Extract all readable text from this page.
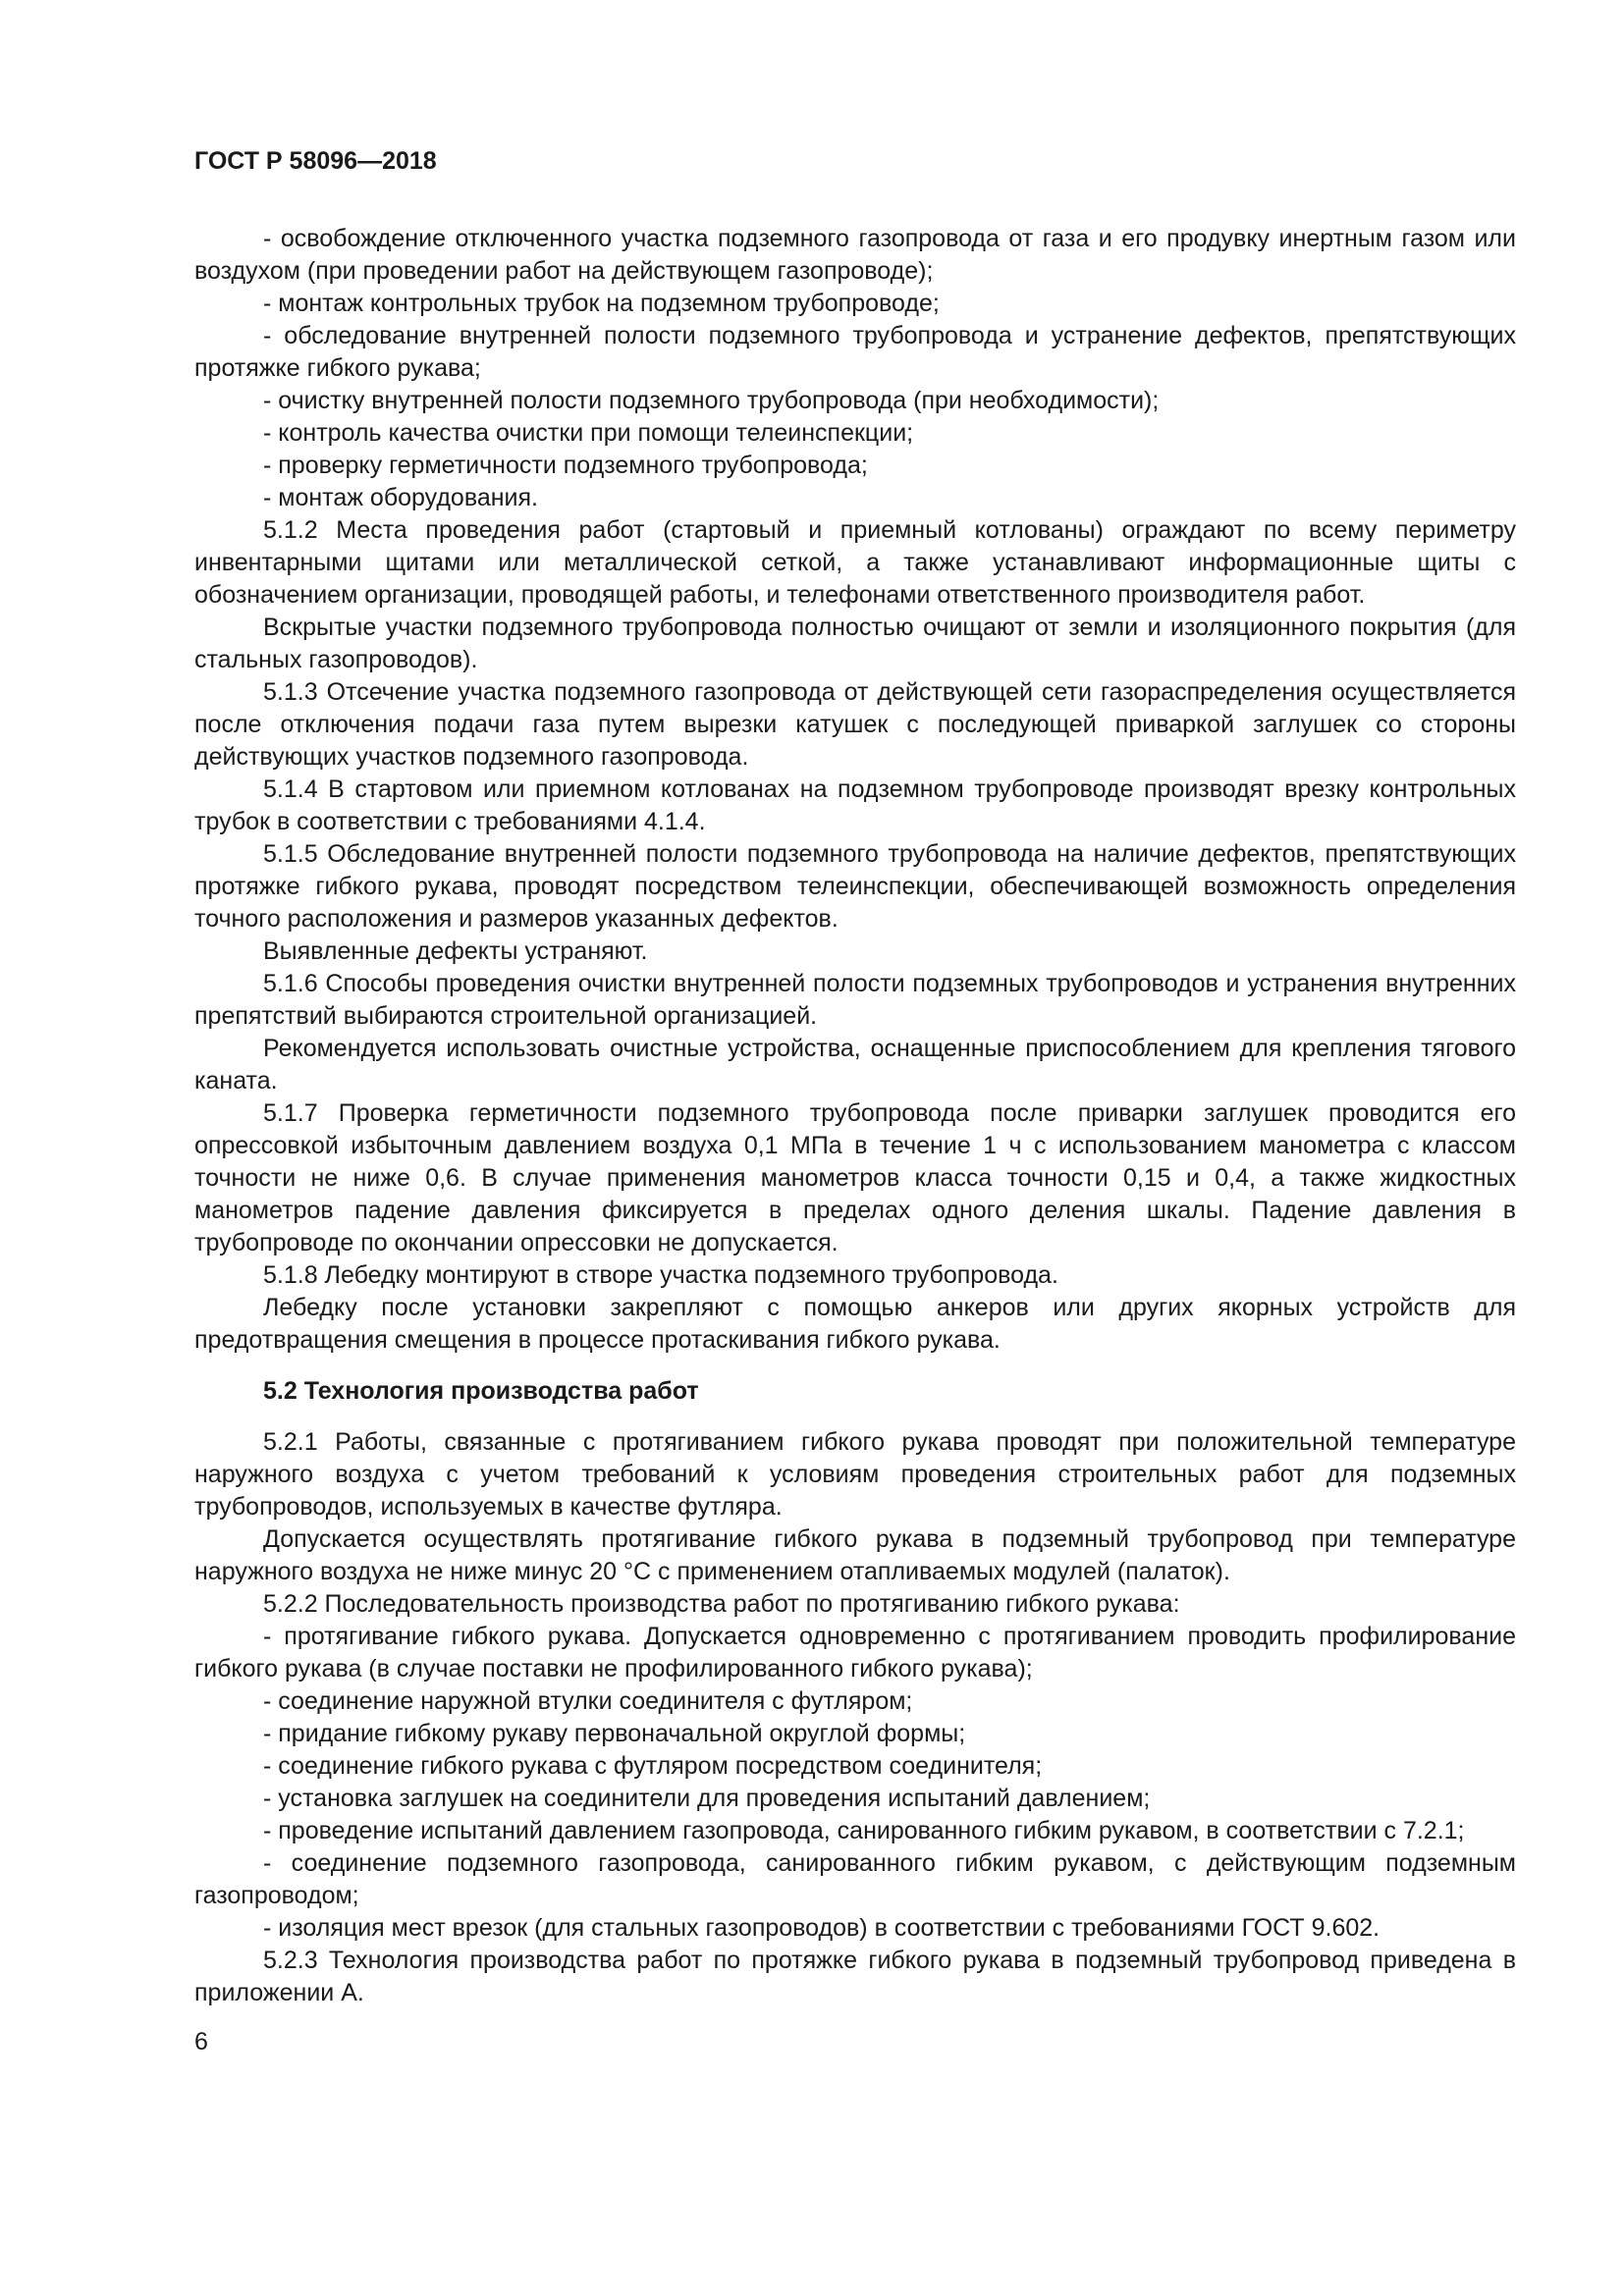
ГОСТ Р 58096—2018

- освобождение отключенного участка подземного газопровода от газа и его продувку инертным газом или воздухом (при проведении работ на действующем газопроводе);

- монтаж контрольных трубок на подземном трубопроводе;

- обследование внутренней полости подземного трубопровода и устранение дефектов, препятствующих протяжке гибкого рукава;

- очистку внутренней полости подземного трубопровода (при необходимости);

- контроль качества очистки при помощи телеинспекции;

- проверку герметичности подземного трубопровода;

- монтаж оборудования.

5.1.2 Места проведения работ (стартовый и приемный котлованы) ограждают по всему периметру инвентарными щитами или металлической сеткой, а также устанавливают информационные щиты с обозначением организации, проводящей работы, и телефонами ответственного производителя работ.

Вскрытые участки подземного трубопровода полностью очищают от земли и изоляционного покрытия (для стальных газопроводов).

5.1.3 Отсечение участка подземного газопровода от действующей сети газораспределения осуществляется после отключения подачи газа путем вырезки катушек с последующей приваркой заглушек со стороны действующих участков подземного газопровода.

5.1.4 В стартовом или приемном котлованах на подземном трубопроводе производят врезку контрольных трубок в соответствии с требованиями 4.1.4.

5.1.5 Обследование внутренней полости подземного трубопровода на наличие дефектов, препятствующих протяжке гибкого рукава, проводят посредством телеинспекции, обеспечивающей возможность определения точного расположения и размеров указанных дефектов.

Выявленные дефекты устраняют.

5.1.6 Способы проведения очистки внутренней полости подземных трубопроводов и устранения внутренних препятствий выбираются строительной организацией.

Рекомендуется использовать очистные устройства, оснащенные приспособлением для крепления тягового каната.

5.1.7 Проверка герметичности подземного трубопровода после приварки заглушек проводится его опрессовкой избыточным давлением воздуха 0,1 МПа в течение 1 ч с использованием манометра с классом точности не ниже 0,6. В случае применения манометров класса точности 0,15 и 0,4, а также жидкостных манометров падение давления фиксируется в пределах одного деления шкалы. Падение давления в трубопроводе по окончании опрессовки не допускается.

5.1.8 Лебедку монтируют в створе участка подземного трубопровода.

Лебедку после установки закрепляют с помощью анкеров или других якорных устройств для предотвращения смещения в процессе протаскивания гибкого рукава.

5.2 Технология производства работ

5.2.1 Работы, связанные с протягиванием гибкого рукава проводят при положительной температуре наружного воздуха с учетом требований к условиям проведения строительных работ для подземных трубопроводов, используемых в качестве футляра.

Допускается осуществлять протягивание гибкого рукава в подземный трубопровод при температуре наружного воздуха не ниже минус 20 °С с применением отапливаемых модулей (палаток).

5.2.2 Последовательность производства работ по протягиванию гибкого рукава:

- протягивание гибкого рукава. Допускается одновременно с протягиванием проводить профилирование гибкого рукава (в случае поставки не профилированного гибкого рукава);

- соединение наружной втулки соединителя с футляром;

- придание гибкому рукаву первоначальной округлой формы;

- соединение гибкого рукава с футляром посредством соединителя;

- установка заглушек на соединители для проведения испытаний давлением;

- проведение испытаний давлением газопровода, санированного гибким рукавом, в соответствии с 7.2.1;

- соединение подземного газопровода, санированного гибким рукавом, с действующим подземным газопроводом;

- изоляция мест врезок (для стальных газопроводов) в соответствии с требованиями ГОСТ 9.602.

5.2.3 Технология производства работ по протяжке гибкого рукава в подземный трубопровод приведена в приложении А.

6
